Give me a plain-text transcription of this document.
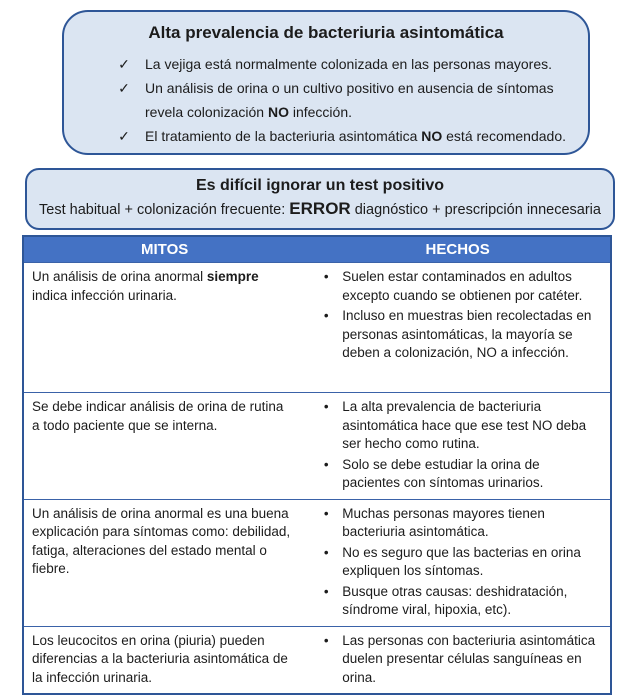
Alta prevalencia de bacteriuria asintomática
✓ La vejiga está normalmente colonizada en las personas mayores.
✓ Un análisis de orina o un cultivo positivo en ausencia de síntomas revela colonización NO infección.
✓ El tratamiento de la bacteriuria asintomática NO está recomendado.
Es difícil ignorar un test positivo
Test habitual + colonización frecuente: ERROR diagnóstico + prescripción innecesaria
MITOS	HECHOS
Un análisis de orina anormal siempre indica infección urinaria.
•	Suelen estar contaminados en adultos excepto cuando se obtienen por catéter.
•	Incluso en muestras bien recolectadas en personas asintomáticas, la mayoría se deben a colonización, NO a infección.
Se debe indicar análisis de orina de rutina a todo paciente que se interna.
•	La alta prevalencia de bacteriuria asintomática hace que ese test NO deba ser hecho como rutina.
•	Solo se debe estudiar la orina de pacientes con síntomas urinarios.
Un análisis de orina anormal es una buena explicación para síntomas como: debilidad, fatiga, alteraciones del estado mental o fiebre.
•	Muchas personas mayores tienen bacteriuria asintomática.
•	No es seguro que las bacterias en orina expliquen los síntomas.
•	Busque otras causas: deshidratación, síndrome viral, hipoxia, etc).
Los leucocitos en orina (piuria) pueden diferencias a la bacteriuria asintomática de la infección urinaria.
•	Las personas con bacteriuria asintomática duelen presentar células sanguíneas en orina.
